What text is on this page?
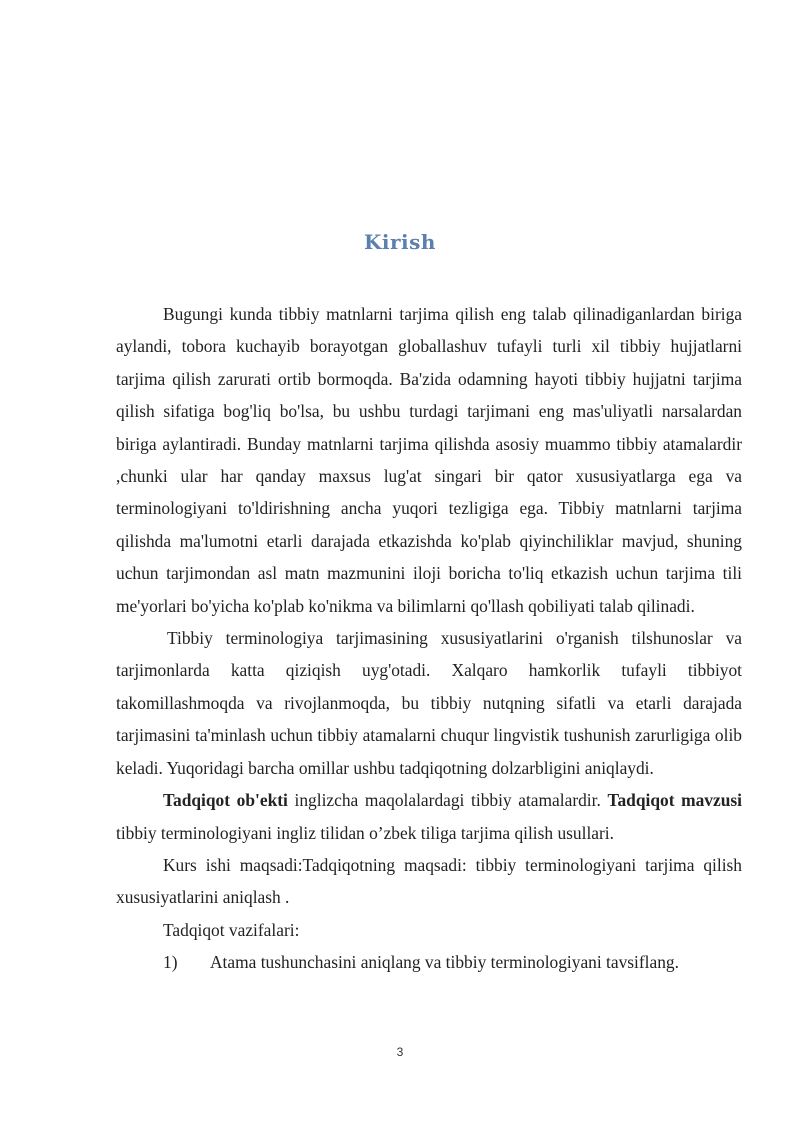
Kirish

Bugungi kunda tibbiy matnlarni tarjima qilish eng talab qilinadiganlardan biriga aylandi, tobora kuchayib borayotgan globallashuv tufayli turli xil tibbiy hujjatlarni tarjima qilish zarurati ortib bormoqda. Ba'zida odamning hayoti tibbiy hujjatni tarjima qilish sifatiga bog'liq bo'lsa, bu ushbu turdagi tarjimani eng mas'uliyatli narsalardan biriga aylantiradi. Bunday matnlarni tarjima qilishda asosiy muammo tibbiy atamalardir ,chunki ular har qanday maxsus lug'at singari bir qator xususiyatlarga ega va terminologiyani to'ldirishning ancha yuqori tezligiga ega. Tibbiy matnlarni tarjima qilishda ma'lumotni etarli darajada etkazishda ko'plab qiyinchiliklar mavjud, shuning uchun tarjimondan asl matn mazmunini iloji boricha to'liq etkazish uchun tarjima tili me'yorlari bo'yicha ko'plab ko'nikma va bilimlarni qo'llash qobiliyati talab qilinadi.

Tibbiy terminologiya tarjimasining xususiyatlarini o'rganish tilshunoslar va tarjimonlarda katta qiziqish uyg'otadi. Xalqaro hamkorlik tufayli tibbiyot takomillashmoqda va rivojlanmoqda, bu tibbiy nutqning sifatli va etarli darajada tarjimasini ta'minlash uchun tibbiy atamalarni chuqur lingvistik tushunish zarurligiga olib keladi. Yuqoridagi barcha omillar ushbu tadqiqotning dolzarbligini aniqlaydi.

Tadqiqot ob'ekti inglizcha maqolalardagi tibbiy atamalardir. Tadqiqot mavzusi tibbiy terminologiyani ingliz tilidan o’zbek tiliga tarjima qilish usullari.

Kurs ishi maqsadi:Tadqiqotning maqsadi: tibbiy terminologiyani tarjima qilish xususiyatlarini aniqlash .

Tadqiqot vazifalari:

1) Atama tushunchasini aniqlang va tibbiy terminologiyani tavsiflang.

3
